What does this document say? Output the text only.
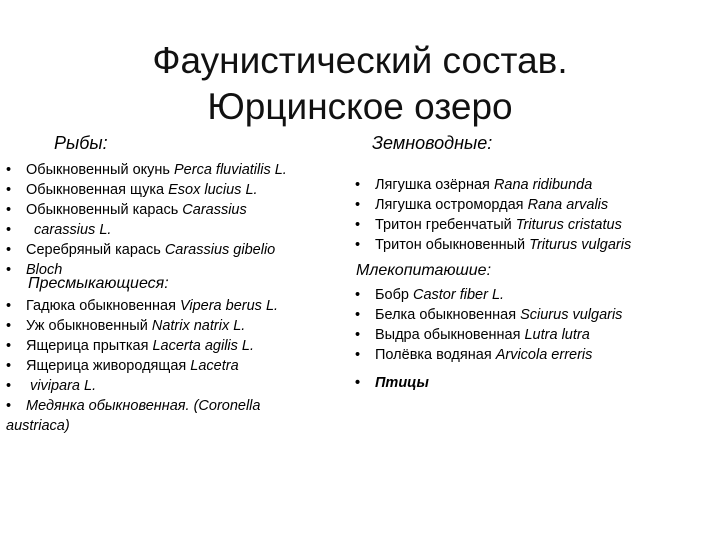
Фаунистический состав.
Юрцинское озеро
Рыбы:
• Обыкновенный окунь Perca fluviatilis L.
• Обыкновенная щука Esox lucius L.
• Обыкновенный карась Carassius
• carassius L.
• Серебряный карась Carassius gibelio
• Bloch
Пресмыкающиеся:
• Гадюка обыкновенная Vipera berus L.
• Уж обыкновенный Natrix natrix L.
• Ящерица прыткая Lacerta agilis L.
• Ящерица живородящая Lacetra
• vivipara L.
• Медянка обыкновенная. (Coronella
austriaca)
Земноводные:
• Лягушка озёрная Rana ridibunda
• Лягушка остромордая Rana arvalis
• Тритон гребенчатый Triturus cristatus
• Тритон обыкновенный Triturus vulgaris
Млекопитаюшие:
• Бобр Castor fiber L.
• Белка обыкновенная Sciurus vulgaris
• Выдра обыкновенная Lutra lutra
• Полёвка водяная Arvicola erreris
• Птицы
